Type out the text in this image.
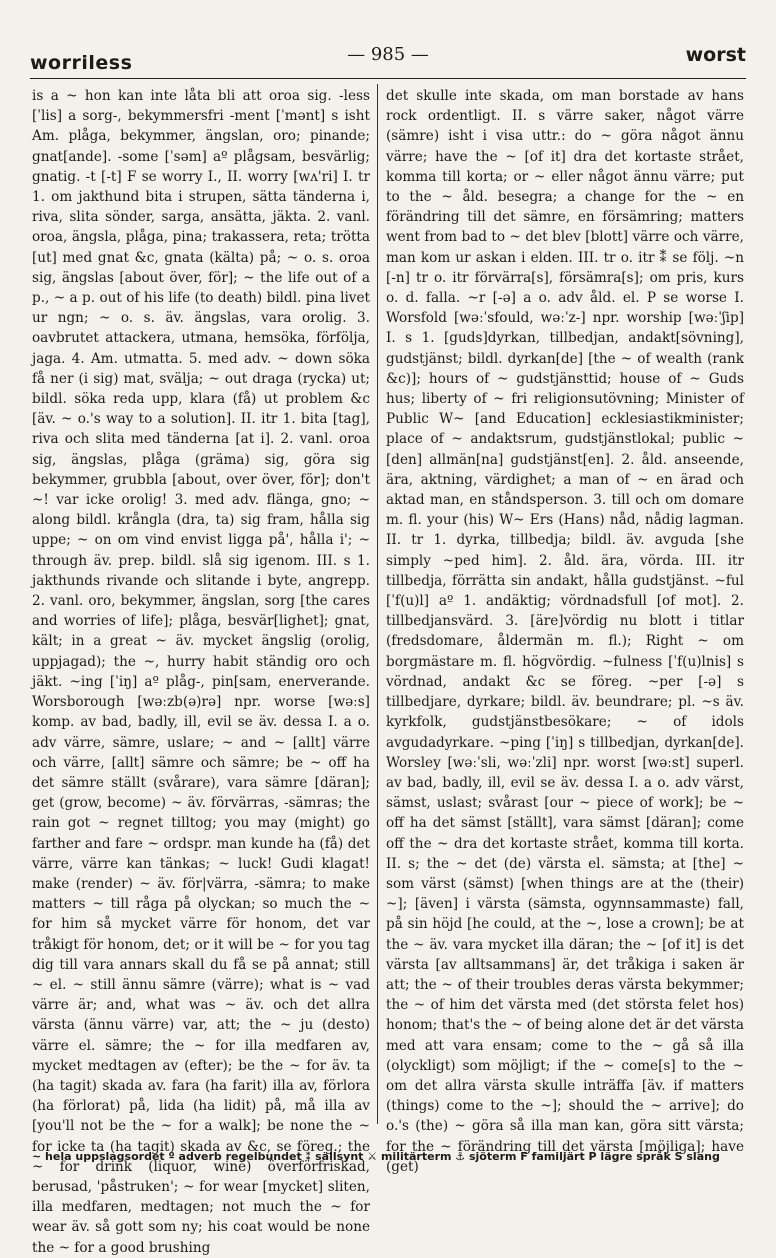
worriless	— 985 —	worst

is a ~ hon kan inte låta bli att oroa sig. -less [ˈlis] a sorg-, bekymmersfri -ment [ˈmənt] s isht Am. plåga, bekymmer, ängslan, oro; pinande; gnat[ande]. -some [ˈsəm] aº plågsam, besvärlig; gnatig. -t [-t] F se worry I., II. worry [wʌ'ri] I. tr 1. om jakthund bita i strupen, sätta tänderna i, riva, slita sönder, sarga, ansätta, jäkta. 2. vanl. oroa, ängsla, plåga, pina; trakassera, reta; trötta [ut] med gnat &c, gnata (kälta) på; ~ o. s. oroa sig, ängslas [about över, för]; ~ the life out of a p., ~ a p. out of his life (to death) bildl. pina livet ur ngn; ~ o. s. äv. ängslas, vara orolig. 3. oavbrutet attackera, utmana, hemsöka, förfölja, jaga. 4. Am. utmatta. 5. med adv. ~ down söka få ner (i sig) mat, svälja; ~ out draga (rycka) ut; bildl. söka reda upp, klara (få) ut problem &c [äv. ~ o.'s way to a solution]. II. itr 1. bita [tag], riva och slita med tänderna [at i]. 2. vanl. oroa sig, ängslas, plåga (gräma) sig, göra sig bekymmer, grubbla [about, over över, för]; don't ~! var icke orolig! 3. med adv. flänga, gno; ~ along bildl. krångla (dra, ta) sig fram, hålla sig uppe; ~ on om vind envist ligga på', hålla i'; ~ through äv. prep. bildl. slå sig igenom. III. s 1. jakthunds rivande och slitande i byte, angrepp. 2. vanl. oro, bekymmer, ängslan, sorg [the cares and worries of life]; plåga, besvär[lighet]; gnat, kält; in a great ~ äv. mycket ängslig (orolig, uppjagad); the ~, hurry habit ständig oro och jäkt. ~ing [ˈiŋ] aº plåg-, pin[sam, enerverande. Worsborough [wəːzb(ə)rə] npr. worse [wəːs] komp. av bad, badly, ill, evil se äv. dessa I. a o. adv värre, sämre, uslare; ~ and ~ [allt] värre och värre, [allt] sämre och sämre; be ~ off ha det sämre ställt (svårare), vara sämre [däran]; get (grow, become) ~ äv. förvärras, -sämras; the rain got ~ regnet tilltog; you may (might) go farther and fare ~ ordspr. man kunde ha (få) det värre, värre kan tänkas; ~ luck! Gudi klagat! make (render) ~ äv. för|värra, -sämra; to make matters ~ till råga på olyckan; so much the ~ for him så mycket värre för honom, det var tråkigt för honom, det; or it will be ~ for you tag dig till vara annars skall du få se på annat; still ~ el. ~ still ännu sämre (värre); what is ~ vad värre är; and, what was ~ äv. och det allra värsta (ännu värre) var, att; the ~ ju (desto) värre el. sämre; the ~ for illa medfaren av, mycket medtagen av (efter); be the ~ for äv. ta (ha tagit) skada av. fara (ha farit) illa av, förlora (ha förlorat) på, lida (ha lidit) på, må illa av [you'll not be the ~ for a walk]; be none the ~ for icke ta (ha tagit) skada av &c, se föreg.; the ~ for drink (liquor, wine) överförfriskad, berusad, 'påstruken'; ~ for wear [mycket] sliten, illa medfaren, medtagen; not much the ~ for wear äv. så gott som ny; his coat would be none the ~ for a good brushing

det skulle inte skada, om man borstade av hans rock ordentligt. II. s värre saker, något värre (sämre) isht i visa uttr.: do ~ göra något ännu värre; have the ~ [of it] dra det kortaste strået, komma till korta; or ~ eller något ännu värre; put to the ~ åld. besegra; a change for the ~ en förändring till det sämre, en försämring; matters went from bad to ~ det blev [blott] värre och värre, man kom ur askan i elden. III. tr o. itr ⁑ se följ. ~n [-n] tr o. itr förvärra[s], försämra[s]; om pris, kurs o. d. falla. ~r [-ə] a o. adv åld. el. P se worse I. Worsfold [wəːˈsfould, wəːˈz-] npr. worship [wəːˈʃip] I. s 1. [guds]dyrkan, tillbedjan, andakt[sövning], gudstjänst; bildl. dyrkan[de] [the ~ of wealth (rank &c)]; hours of ~ gudstjänsttid; house of ~ Guds hus; liberty of ~ fri religionsutövning; Minister of Public W~ [and Education] ecklesiastikminister; place of ~ andaktsrum, gudstjänstlokal; public ~ [den] allmän[na] gudstjänst[en]. 2. åld. anseende, ära, aktning, värdighet; a man of ~ en ärad och aktad man, en ståndsperson. 3. till och om domare m. fl. your (his) W~ Ers (Hans) nåd, nådig lagman. II. tr 1. dyrka, tillbedja; bildl. äv. avguda [she simply ~ped him]. 2. åld. ära, vörda. III. itr tillbedja, förrätta sin andakt, hålla gudstjänst. ~ful [ˈf(u)l] aº 1. andäktig; vördnadsfull [of mot]. 2. tillbedjansvärd. 3. [äre]vördig nu blott i titlar (fredsdomare, åldermän m. fl.); Right ~ om borgmästare m. fl. högvördig. ~fulness [ˈf(u)lnis] s vördnad, andakt &c se föreg. ~per [-ə] s tillbedjare, dyrkare; bildl. äv. beundrare; pl. ~s äv. kyrkfolk, gudstjänstbesökare; ~ of idols avgudadyrkare. ~ping [ˈiŋ] s tillbedjan, dyrkan[de]. Worsley [wəːˈsli, wəːˈzli] npr. worst [wəːst] superl. av bad, badly, ill, evil se äv. dessa I. a o. adv värst, sämst, uslast; svårast [our ~ piece of work]; be ~ off ha det sämst [ställt], vara sämst [däran]; come off the ~ dra det kortaste strået, komma till korta. II. s; the ~ det (de) värsta el. sämsta; at [the] ~ som värst (sämst) [when things are at the (their) ~]; [även] i värsta (sämsta, ogynnsammaste) fall, på sin höjd [he could, at the ~, lose a crown]; be at the ~ äv. vara mycket illa däran; the ~ [of it] is det värsta [av alltsammans] är, det tråkiga i saken är att; the ~ of their troubles deras värsta bekymmer; the ~ of him det värsta med (det största felet hos) honom; that's the ~ of being alone det är det värsta med att vara ensam; come to the ~ gå så illa (olyckligt) som möjligt; if the ~ come[s] to the ~ om det allra värsta skulle inträffa [äv. if matters (things) come to the ~]; should the ~ arrive]; do o.'s (the) ~ göra så illa man kan, göra sitt värsta; for the ~ förändring till det värsta [möjliga]; have (get)

~ hela uppslagsordet º adverb regelbundet ⁑ sällsynt ⚔ militärterm ⚓ sjöterm F familjärt P lägre språk S slang
